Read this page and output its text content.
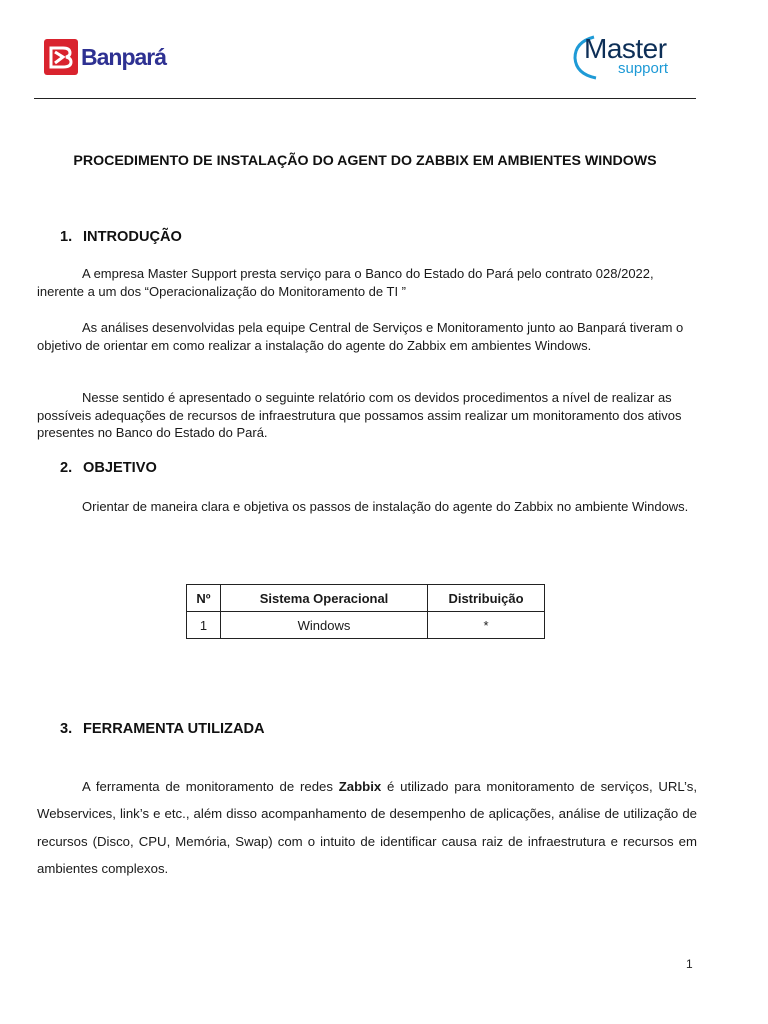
Banpará	Master
support
PROCEDIMENTO DE INSTALAÇÃO DO AGENT DO ZABBIX EM AMBIENTES WINDOWS
1. INTRODUÇÃO
A empresa Master Support presta serviço para o Banco do Estado do Pará pelo contrato 028/2022, inerente a um dos “Operacionalização do Monitoramento de TI ”
As análises desenvolvidas pela equipe Central de Serviços e Monitoramento junto ao Banpará tiveram o objetivo de orientar em como realizar a instalação do agente do Zabbix em ambientes Windows.
Nesse sentido é apresentado o seguinte relatório com os devidos procedimentos a nível de realizar as possíveis adequações de recursos de infraestrutura que possamos assim realizar um monitoramento dos ativos presentes no Banco do Estado do Pará.
2. OBJETIVO
Orientar de maneira clara e objetiva os passos de instalação do agente do Zabbix no ambiente Windows.
Nº	Sistema Operacional	Distribuição
1	Windows	*
3. FERRAMENTA UTILIZADA
A ferramenta de monitoramento de redes Zabbix é utilizado para monitoramento de serviços, URL’s, Webservices, link’s e etc., além disso acompanhamento de desempenho de aplicações, análise de utilização de recursos (Disco, CPU, Memória, Swap) com o intuito de identificar causa raiz de infraestrutura e recursos em ambientes complexos.
1
